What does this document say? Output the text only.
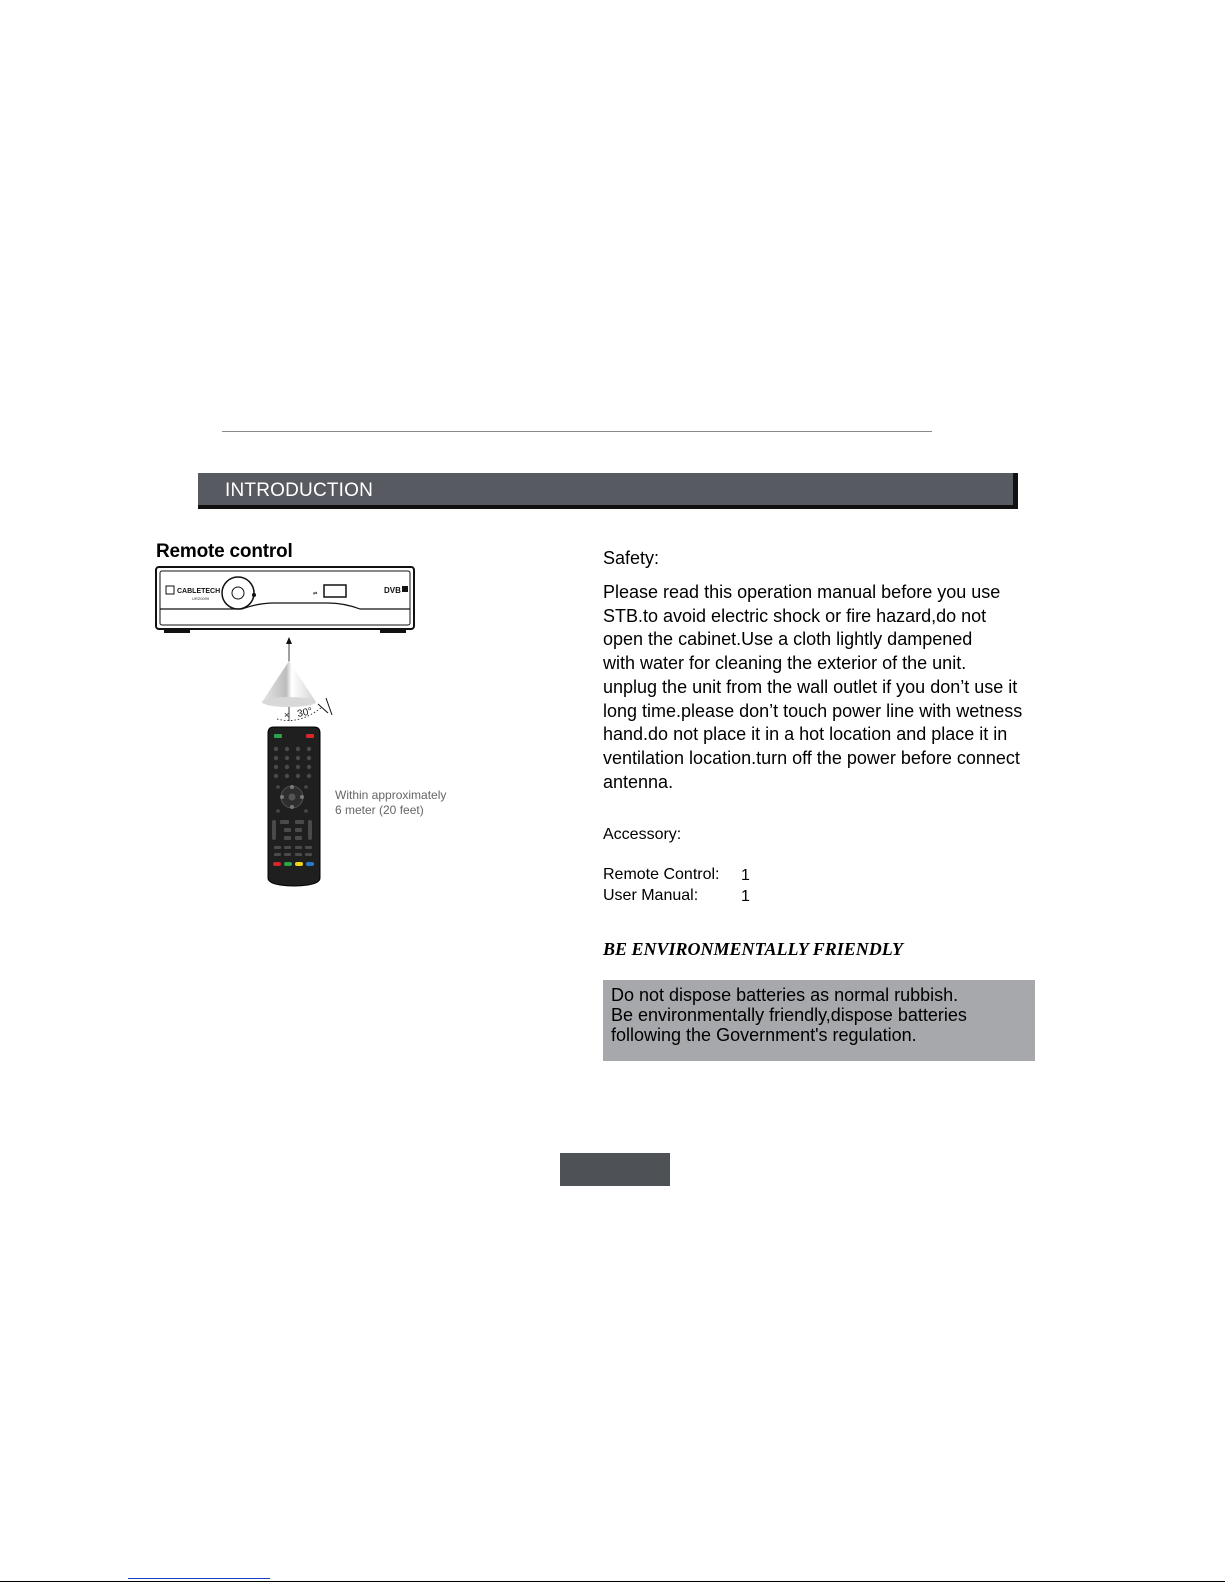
INTRODUCTION
Remote control
CABLETECH
URZ0099
⇄	DVB
30°
×
Within approximately
6 meter (20 feet)
Safety:
Please read this operation manual before you use
STB.to avoid electric shock or fire hazard,do not
open the cabinet.Use a cloth lightly dampened
with water for cleaning the exterior of the unit.
unplug the unit from the wall outlet if you don’t use it
long time.please don’t touch power line with wetness
hand.do not place it in a hot location and place it in
ventilation location.turn off the power before connect
antenna.
Accessory:
Remote Control: 1
User Manual:	1
BE ENVIRONMENTALLY FRIENDLY
Do not dispose batteries as normal rubbish.
Be environmentally friendly,dispose batteries
following the Government's regulation.
